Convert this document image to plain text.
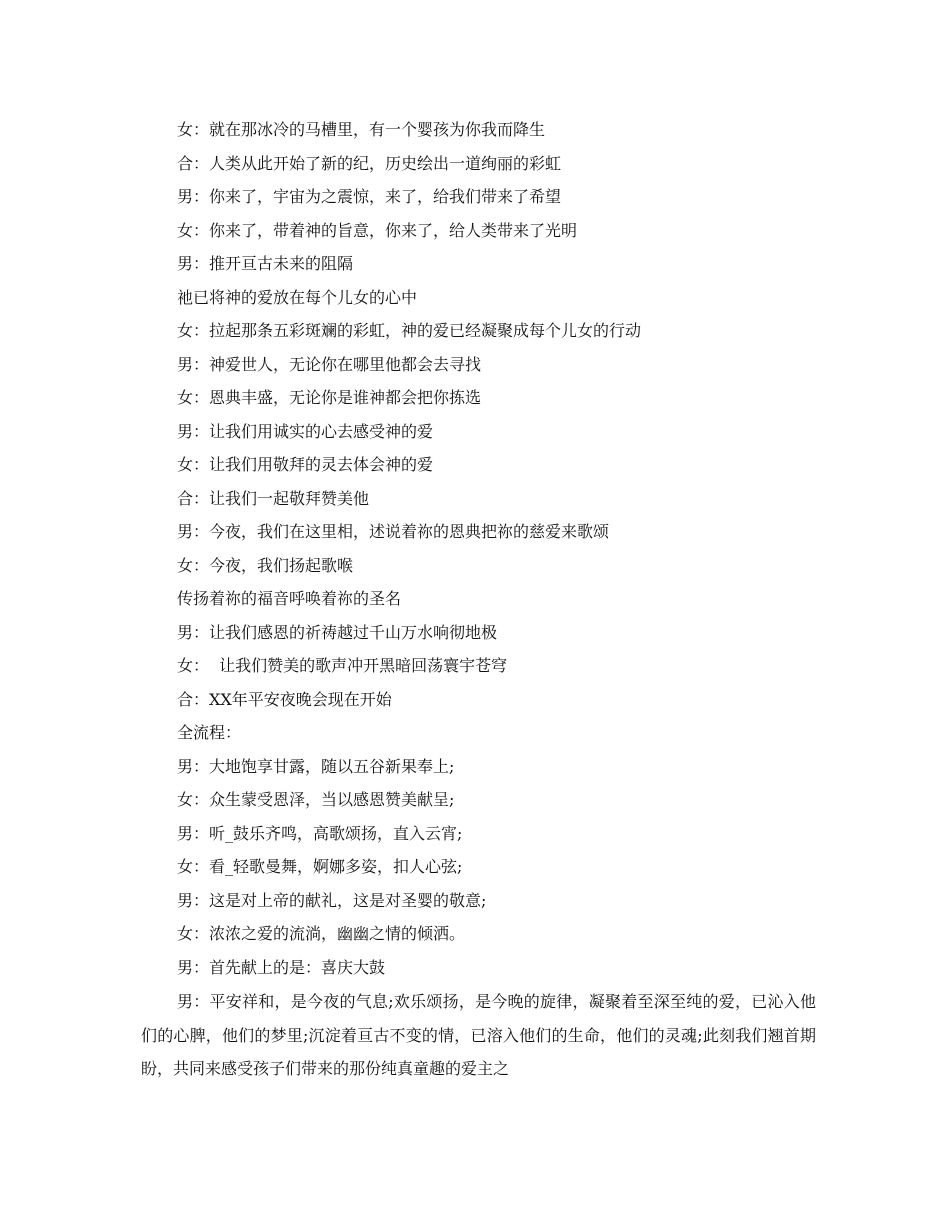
女：就在那冰冷的马槽里，有一个婴孩为你我而降生
合：人类从此开始了新的纪，历史绘出一道绚丽的彩虹
男：你来了，宇宙为之震惊，来了，给我们带来了希望
女：你来了，带着神的旨意，你来了，给人类带来了光明
男：推开亘古未来的阻隔
祂已将神的爱放在每个儿女的心中
女：拉起那条五彩斑斓的彩虹，神的爱已经凝聚成每个儿女的行动
男：神爱世人，无论你在哪里他都会去寻找
女：恩典丰盛，无论你是谁神都会把你拣选
男：让我们用诚实的心去感受神的爱
女：让我们用敬拜的灵去体会神的爱
合：让我们一起敬拜赞美他
男：今夜，我们在这里相，述说着祢的恩典把祢的慈爱来歌颂
女：今夜，我们扬起歌喉
传扬着祢的福音呼唤着祢的圣名
男：让我们感恩的祈祷越过千山万水响彻地极
女：  让我们赞美的歌声冲开黑暗回荡寰宇苍穹
合：XX年平安夜晚会现在开始
全流程：
男：大地饱享甘露，随以五谷新果奉上;
女：众生蒙受恩泽，当以感恩赞美献呈;
男：听_鼓乐齐鸣，高歌颂扬，直入云宵;
女：看_轻歌曼舞，婀娜多姿，扣人心弦;
男：这是对上帝的献礼，这是对圣婴的敬意;
女：浓浓之爱的流淌，幽幽之情的倾洒。
男：首先献上的是：喜庆大鼓

男：平安祥和，是今夜的气息;欢乐颂扬，是今晚的旋律，凝聚着至深至纯的爱，已沁入他们的心脾，他们的梦里;沉淀着亘古不变的情，已溶入他们的生命，他们的灵魂;此刻我们翘首期盼，共同来感受孩子们带来的那份纯真童趣的爱主之
